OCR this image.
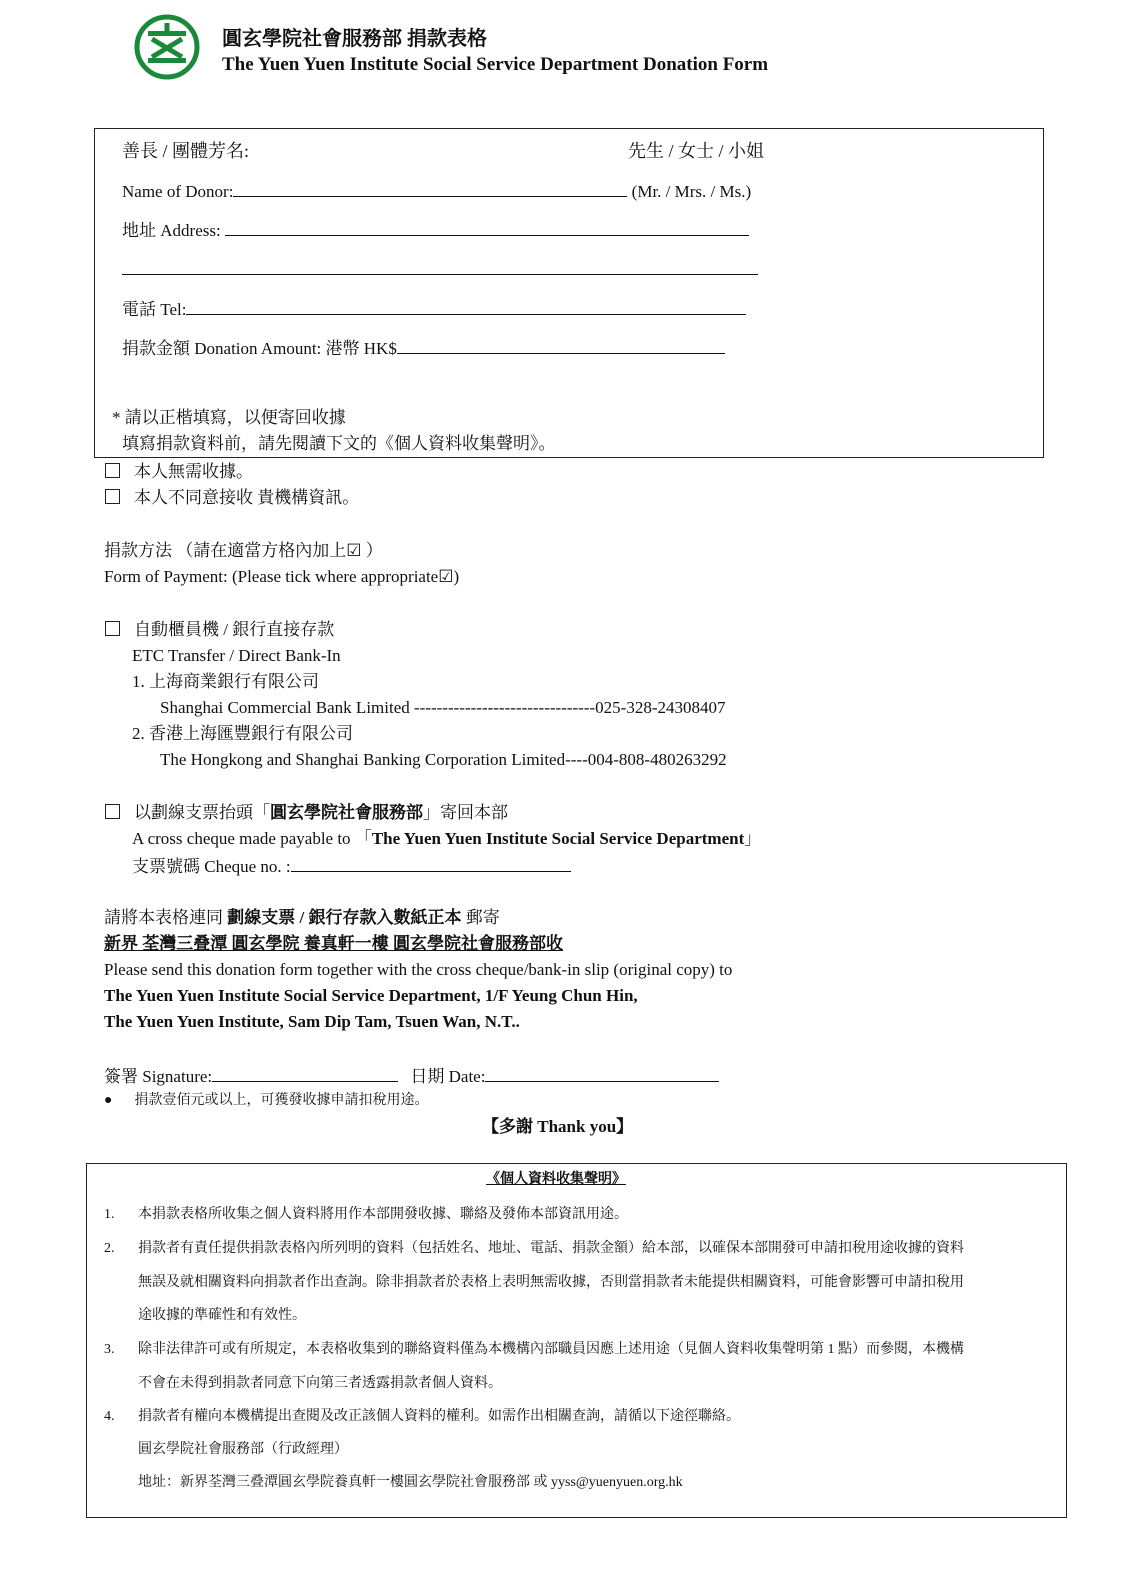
圓玄學院社會服務部 捐款表格
The Yuen Yuen Institute Social Service Department Donation Form
善長 / 團體芳名:	先生 / 女士 / 小姐
Name of Donor:	(Mr. / Mrs. / Ms.)
地址 Address:
電話 Tel:
捐款金額 Donation Amount: 港幣 HK$
* 請以正楷填寫，以便寄回收據
填寫捐款資料前，請先閱讀下文的《個人資料收集聲明》。
本人無需收據。
本人不同意接收 貴機構資訊。
捐款方法 （請在適當方格內加上☑ ）
Form of Payment: (Please tick where appropriate☑)
自動櫃員機 / 銀行直接存款
ETC Transfer / Direct Bank-In
1. 上海商業銀行有限公司
Shanghai Commercial Bank Limited --------------------------------025-328-24308407
2. 香港上海匯豐銀行有限公司
The Hongkong and Shanghai Banking Corporation Limited----004-808-480263292
以劃線支票抬頭「圓玄學院社會服務部」寄回本部
A cross cheque made payable to 「The Yuen Yuen Institute Social Service Department」
支票號碼 Cheque no. :
請將本表格連同 劃線支票 / 銀行存款入數紙正本 郵寄
新界 荃灣三叠潭 圓玄學院 養真軒一樓 圓玄學院社會服務部收
Please send this donation form together with the cross cheque/bank-in slip (original copy) to
The Yuen Yuen Institute Social Service Department, 1/F Yeung Chun Hin,
The Yuen Yuen Institute, Sam Dip Tam, Tsuen Wan, N.T..
簽署 Signature:	日期 Date:
● 捐款壹佰元或以上，可獲發收據申請扣稅用途。
【多謝 Thank you】
《個人資料收集聲明》
1. 本捐款表格所收集之個人資料將用作本部開發收據、聯絡及發佈本部資訊用途。
2. 捐款者有責任提供捐款表格內所列明的資料（包括姓名、地址、電話、捐款金額）給本部，以確保本部開發可申請扣稅用途收據的資料
無誤及就相關資料向捐款者作出查詢。除非捐款者於表格上表明無需收據，否則當捐款者未能提供相關資料，可能會影響可申請扣稅用
途收據的準確性和有效性。
3. 除非法律許可或有所規定，本表格收集到的聯絡資料僅為本機構內部職員因應上述用途（見個人資料收集聲明第 1 點）而參閱，本機構
不會在未得到捐款者同意下向第三者透露捐款者個人資料。
4. 捐款者有權向本機構提出查閱及改正該個人資料的權利。如需作出相關查詢，請循以下途徑聯絡。
圓玄學院社會服務部（行政經理）
地址：新界荃灣三叠潭圓玄學院養真軒一樓圓玄學院社會服務部 或 yyss@yuenyuen.org.hk
